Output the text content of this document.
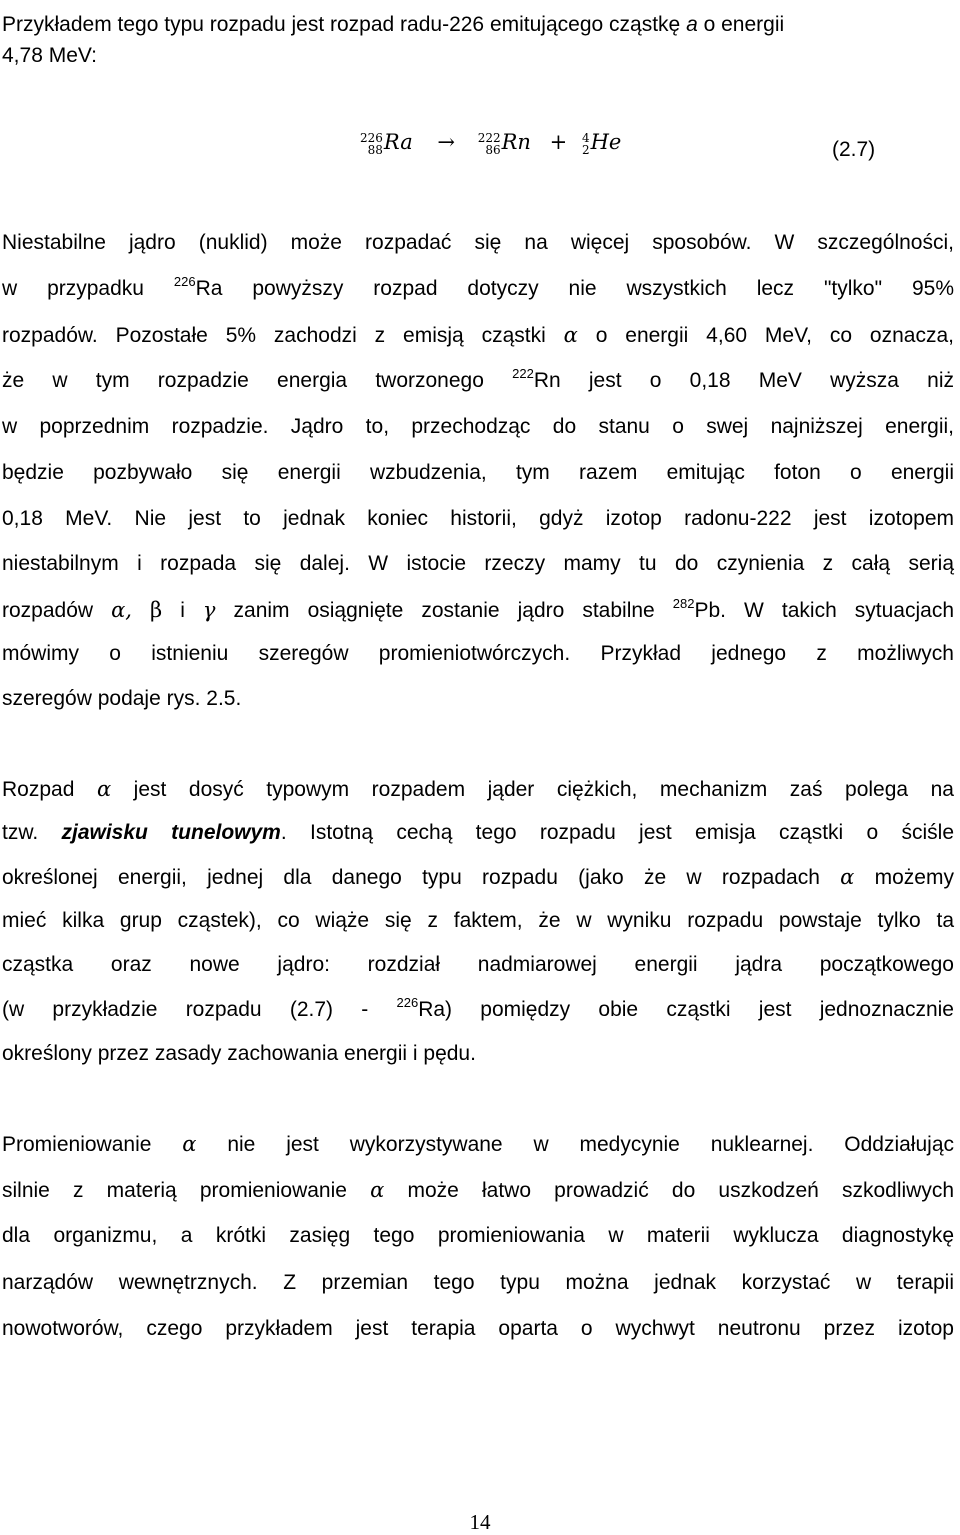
Przykładem tego typu rozpadu jest rozpad radu-226 emitującego cząstkę a o energii
4,78 MeV:
226
88 Ra → 222
86 Rn + 4
2 He	(2.7)
Niestabilne jądro (nuklid) może rozpadać się na więcej sposobów. W szczególności,
w przypadku $^{226}$Ra powyższy rozpad dotyczy nie wszystkich lecz "tylko" 95%
rozpadów. Pozostałe 5% zachodzi z emisją cząstki α o energii 4,60 MeV, co oznacza,
że w tym rozpadzie energia tworzonego $^{222}$Rn jest o 0,18 MeV wyższa niż
w poprzednim rozpadzie. Jądro to, przechodząc do stanu o swej najniższej energii,
będzie pozbywało się energii wzbudzenia, tym razem emitując foton o energii
0,18 MeV. Nie jest to jednak koniec historii, gdyż izotop radonu-222 jest izotopem
niestabilnym i rozpada się dalej. W istocie rzeczy mamy tu do czynienia z całą serią
rozpadów α, β i γ zanim osiągnięte zostanie jądro stabilne $^{282}$Pb. W takich sytuacjach
mówimy o istnieniu szeregów promieniotwórczych. Przykład jednego z możliwych
szeregów podaje rys. 2.5.
Rozpad α jest dosyć typowym rozpadem jąder ciężkich, mechanizm zaś polega na
tzw. zjawisku tunelowym. Istotną cechą tego rozpadu jest emisja cząstki o ściśle
określonej energii, jednej dla danego typu rozpadu (jako że w rozpadach α możemy
mieć kilka grup cząstek), co wiąże się z faktem, że w wyniku rozpadu powstaje tylko ta
cząstka oraz nowe jądro: rozdział nadmiarowej energii jądra początkowego
(w przykładzie rozpadu (2.7) - $^{226}$Ra) pomiędzy obie cząstki jest jednoznacznie
określony przez zasady zachowania energii i pędu.
Promieniowanie α nie jest wykorzystywane w medycynie nuklearnej. Oddziałując
silnie z materią promieniowanie α może łatwo prowadzić do uszkodzeń szkodliwych
dla organizmu, a krótki zasięg tego promieniowania w materii wyklucza diagnostykę
narządów wewnętrznych. Z przemian tego typu można jednak korzystać w terapii
nowotworów, czego przykładem jest terapia oparta o wychwyt neutronu przez izotop
14
